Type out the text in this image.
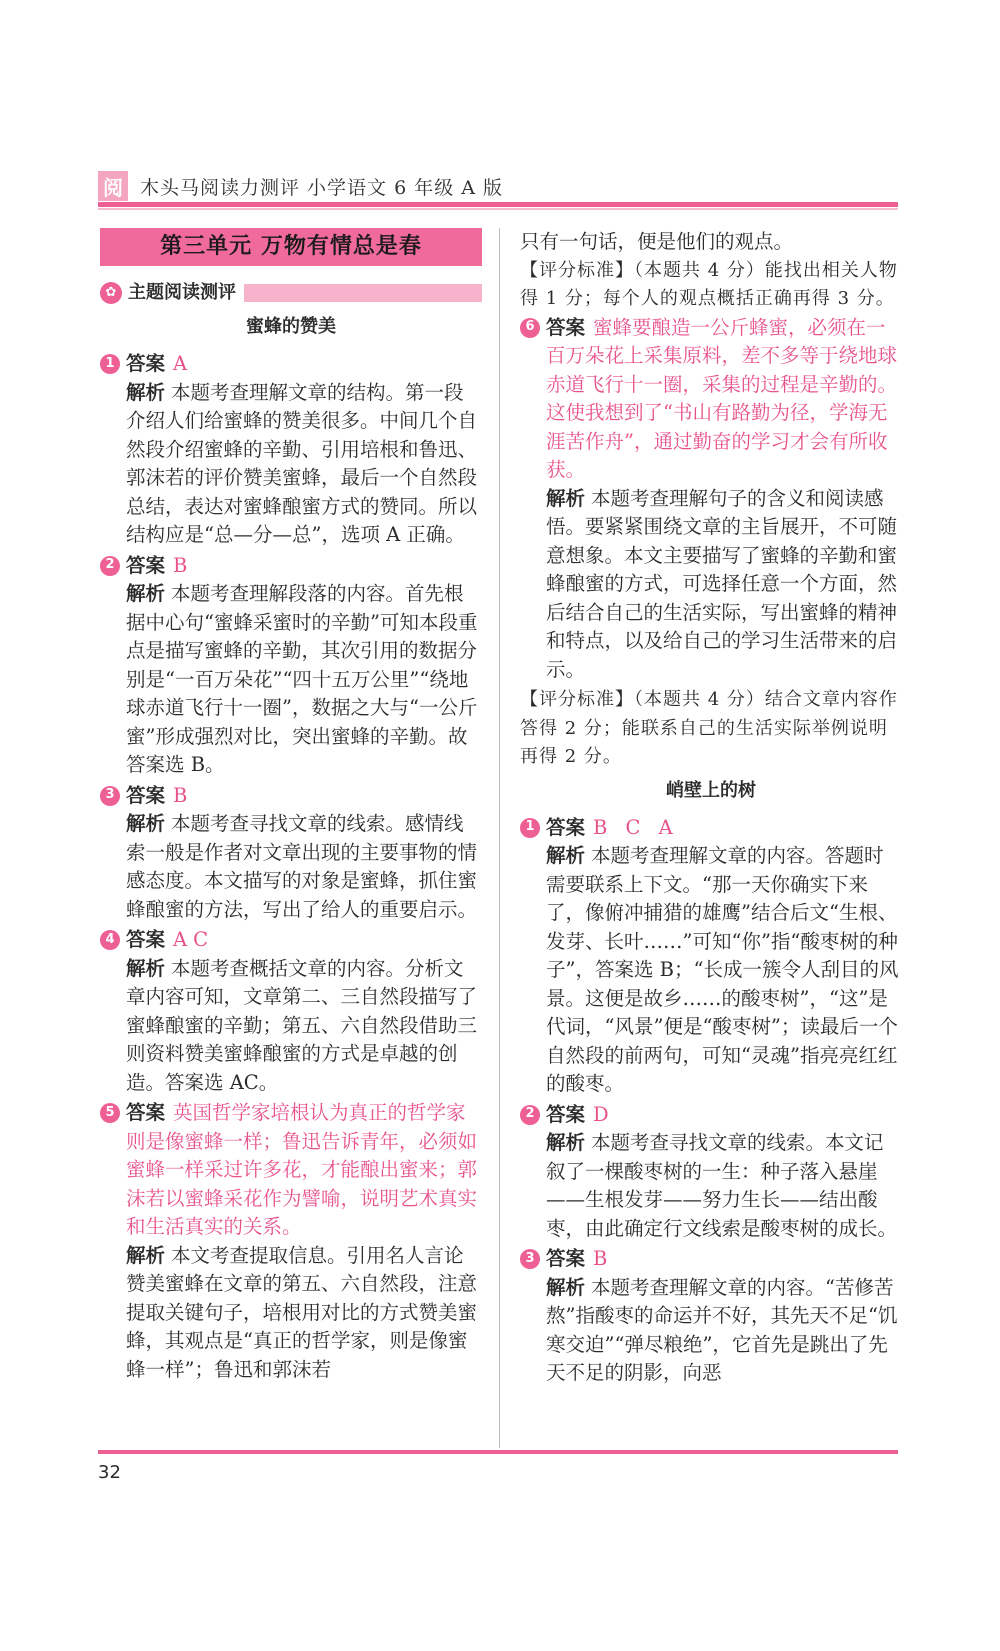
阅 木头马阅读力测评 小学语文 6 年级 A 版
第三单元 万物有情总是春
✿ 主题阅读测评
蜜蜂的赞美
1 答案 A
解析 本题考查理解文章的结构。第一段介绍人们给蜜蜂的赞美很多。中间几个自然段介绍蜜蜂的辛勤、引用培根和鲁迅、郭沫若的评价赞美蜜蜂，最后一个自然段总结，表达对蜜蜂酿蜜方式的赞同。所以结构应是“总—分—总”，选项 A 正确。
2 答案 B
解析 本题考查理解段落的内容。首先根据中心句“蜜蜂采蜜时的辛勤”可知本段重点是描写蜜蜂的辛勤，其次引用的数据分别是“一百万朵花”“四十五万公里”“绕地球赤道飞行十一圈”，数据之大与“一公斤蜜”形成强烈对比，突出蜜蜂的辛勤。故答案选 B。
3 答案 B
解析 本题考查寻找文章的线索。感情线索一般是作者对文章出现的主要事物的情感态度。本文描写的对象是蜜蜂，抓住蜜蜂酿蜜的方法，写出了给人的重要启示。
4 答案 AC
解析 本题考查概括文章的内容。分析文章内容可知，文章第二、三自然段描写了蜜蜂酿蜜的辛勤；第五、六自然段借助三则资料赞美蜜蜂酿蜜的方式是卓越的创造。答案选 AC。
5 答案 英国哲学家培根认为真正的哲学家则是像蜜蜂一样；鲁迅告诉青年，必须如蜜蜂一样采过许多花，才能酿出蜜来；郭沫若以蜜蜂采花作为譬喻，说明艺术真实和生活真实的关系。
解析 本文考查提取信息。引用名人言论赞美蜜蜂在文章的第五、六自然段，注意提取关键句子，培根用对比的方式赞美蜜蜂，其观点是“真正的哲学家，则是像蜜蜂一样”；鲁迅和郭沫若
只有一句话，便是他们的观点。
【评分标准】（本题共 4 分）能找出相关人物得 1 分；每个人的观点概括正确再得 3 分。
6 答案 蜜蜂要酿造一公斤蜂蜜，必须在一百万朵花上采集原料，差不多等于绕地球赤道飞行十一圈，采集的过程是辛勤的。这使我想到了“书山有路勤为径，学海无涯苦作舟”，通过勤奋的学习才会有所收获。
解析 本题考查理解句子的含义和阅读感悟。要紧紧围绕文章的主旨展开，不可随意想象。本文主要描写了蜜蜂的辛勤和蜜蜂酿蜜的方式，可选择任意一个方面，然后结合自己的生活实际，写出蜜蜂的精神和特点，以及给自己的学习生活带来的启示。
【评分标准】（本题共 4 分）结合文章内容作答得 2 分；能联系自己的生活实际举例说明再得 2 分。
峭壁上的树
1 答案 B C A
解析 本题考查理解文章的内容。答题时需要联系上下文。“那一天你确实下来了，像俯冲捕猎的雄鹰”结合后文“生根、发芽、长叶……”可知“你”指“酸枣树的种子”，答案选 B；“长成一簇令人刮目的风景。这便是故乡……的酸枣树”，“这”是代词，“风景”便是“酸枣树”；读最后一个自然段的前两句，可知“灵魂”指亮亮红红的酸枣。
2 答案 D
解析 本题考查寻找文章的线索。本文记叙了一棵酸枣树的一生：种子落入悬崖——生根发芽——努力生长——结出酸枣，由此确定行文线索是酸枣树的成长。
3 答案 B
解析 本题考查理解文章的内容。“苦修苦熬”指酸枣的命运并不好，其先天不足“饥寒交迫”“弹尽粮绝”，它首先是跳出了先天不足的阴影，向恶
32
